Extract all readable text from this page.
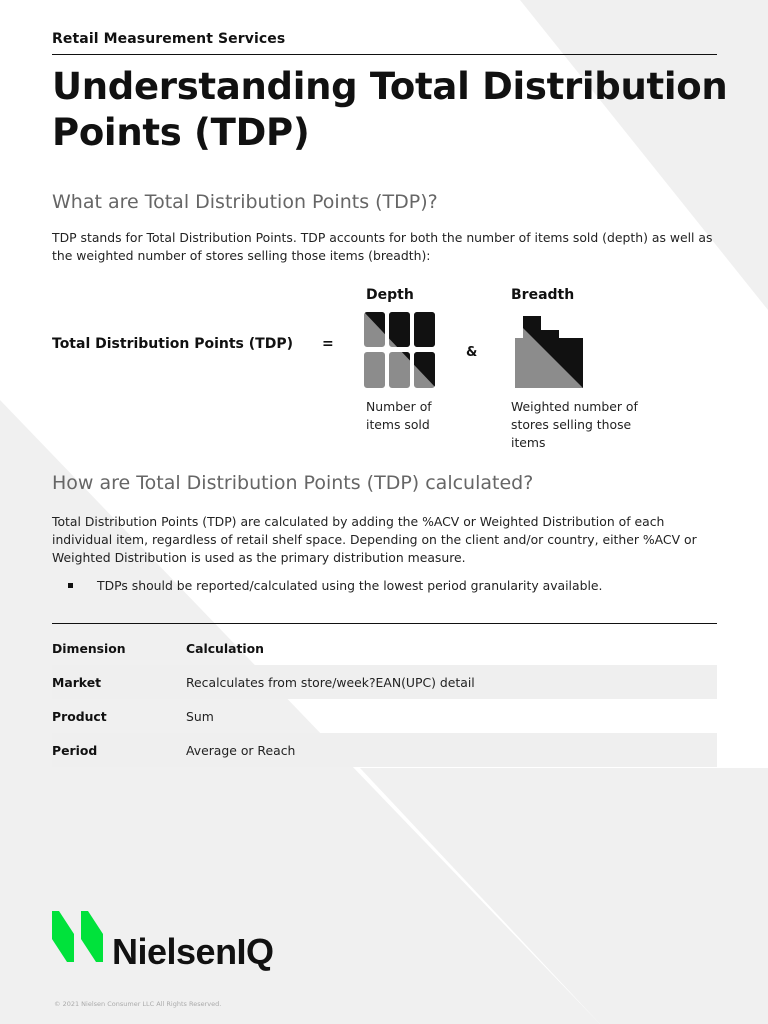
Retail Measurement Services
Understanding Total Distribution Points (TDP)
What are Total Distribution Points (TDP)?

TDP stands for Total Distribution Points. TDP accounts for both the number of items sold (depth) as well as the weighted number of stores selling those items (breadth):

Total Distribution Points (TDP) =
Depth
&
Breadth
Number of items sold
Weighted number of stores selling those items
How are Total Distribution Points (TDP) calculated?

Total Distribution Points (TDP) are calculated by adding the %ACV or Weighted Distribution of each individual item, regardless of retail shelf space. Depending on the client and/or country, either %ACV or Weighted Distribution is used as the primary distribution measure.

TDPs should be reported/calculated using the lowest period granularity available.
Dimension	Calculation
Market	Recalculates from store/week?EAN(UPC) detail
Product	Sum
Period	Average or Reach
NielsenIQ
© 2021 Nielsen Consumer LLC All Rights Reserved.
